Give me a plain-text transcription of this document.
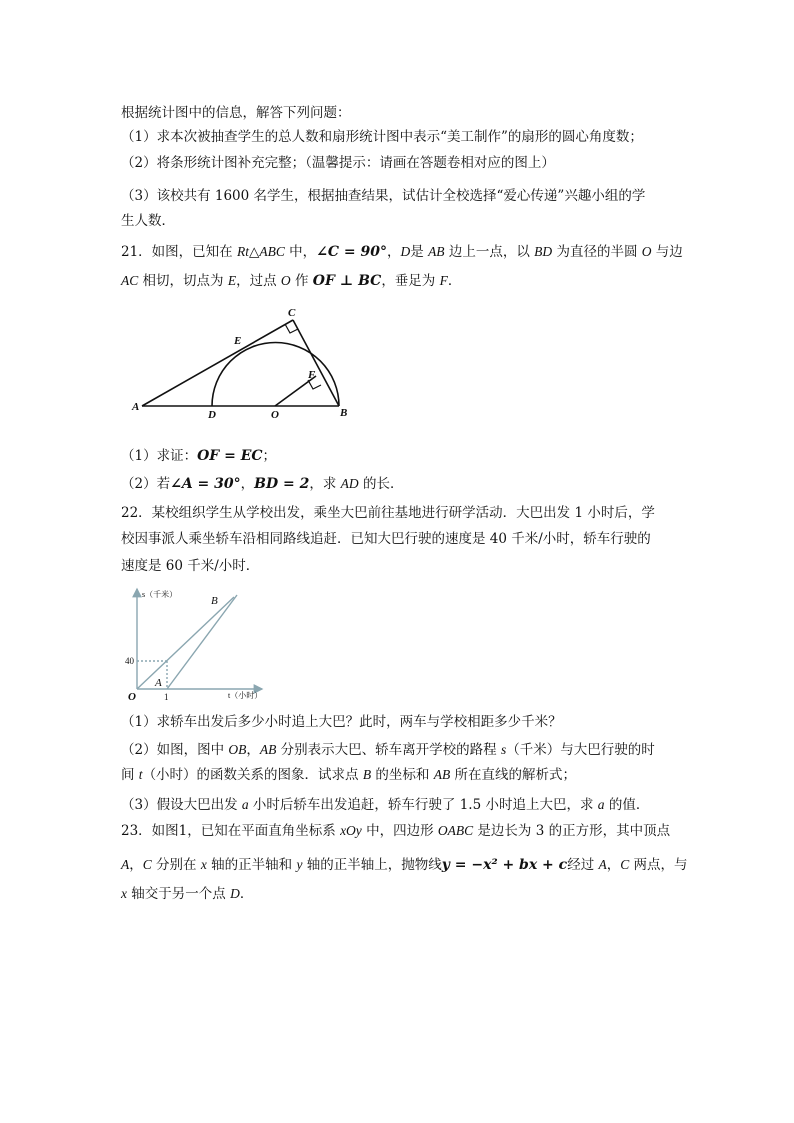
根据统计图中的信息，解答下列问题：
（1）求本次被抽查学生的总人数和扇形统计图中表示“美工制作”的扇形的圆心角度数；
（2）将条形统计图补充完整；（温馨提示：请画在答题卷相对应的图上）
（3）该校共有 1600 名学生，根据抽查结果，试估计全校选择“爱心传递”兴趣小组的学
生人数．
21．如图，已知在 Rt△ABC 中，∠C = 90°，D是 AB 边上一点，以 BD 为直径的半圆 O 与边
AC 相切，切点为 E，过点 O 作 OF ⊥ BC，垂足为 F．
A	B
C
D
E
F
O
（1）求证：OF = EC；
（2）若∠A = 30°，BD = 2，求 AD 的长．
22．某校组织学生从学校出发，乘坐大巴前往基地进行研学活动．大巴出发 1 小时后，学
校因事派人乘坐轿车沿相同路线追赶．已知大巴行驶的速度是 40 千米/小时，轿车行驶的
速度是 60 千米/小时．
s（千米）
t（小时）
40
1
O
A
B
（1）求轿车出发后多少小时追上大巴？此时，两车与学校相距多少千米？
（2）如图，图中 OB，AB 分别表示大巴、轿车离开学校的路程 s（千米）与大巴行驶的时
间 t（小时）的函数关系的图象．试求点 B 的坐标和 AB 所在直线的解析式；
（3）假设大巴出发 a 小时后轿车出发追赶，轿车行驶了 1.5 小时追上大巴，求 a 的值．
23．如图1，已知在平面直角坐标系 xOy 中，四边形 OABC 是边长为 3 的正方形，其中顶点
A，C 分别在 x 轴的正半轴和 y 轴的正半轴上，抛物线y = −x² + bx + c经过 A，C 两点，与
x 轴交于另一个点 D．
